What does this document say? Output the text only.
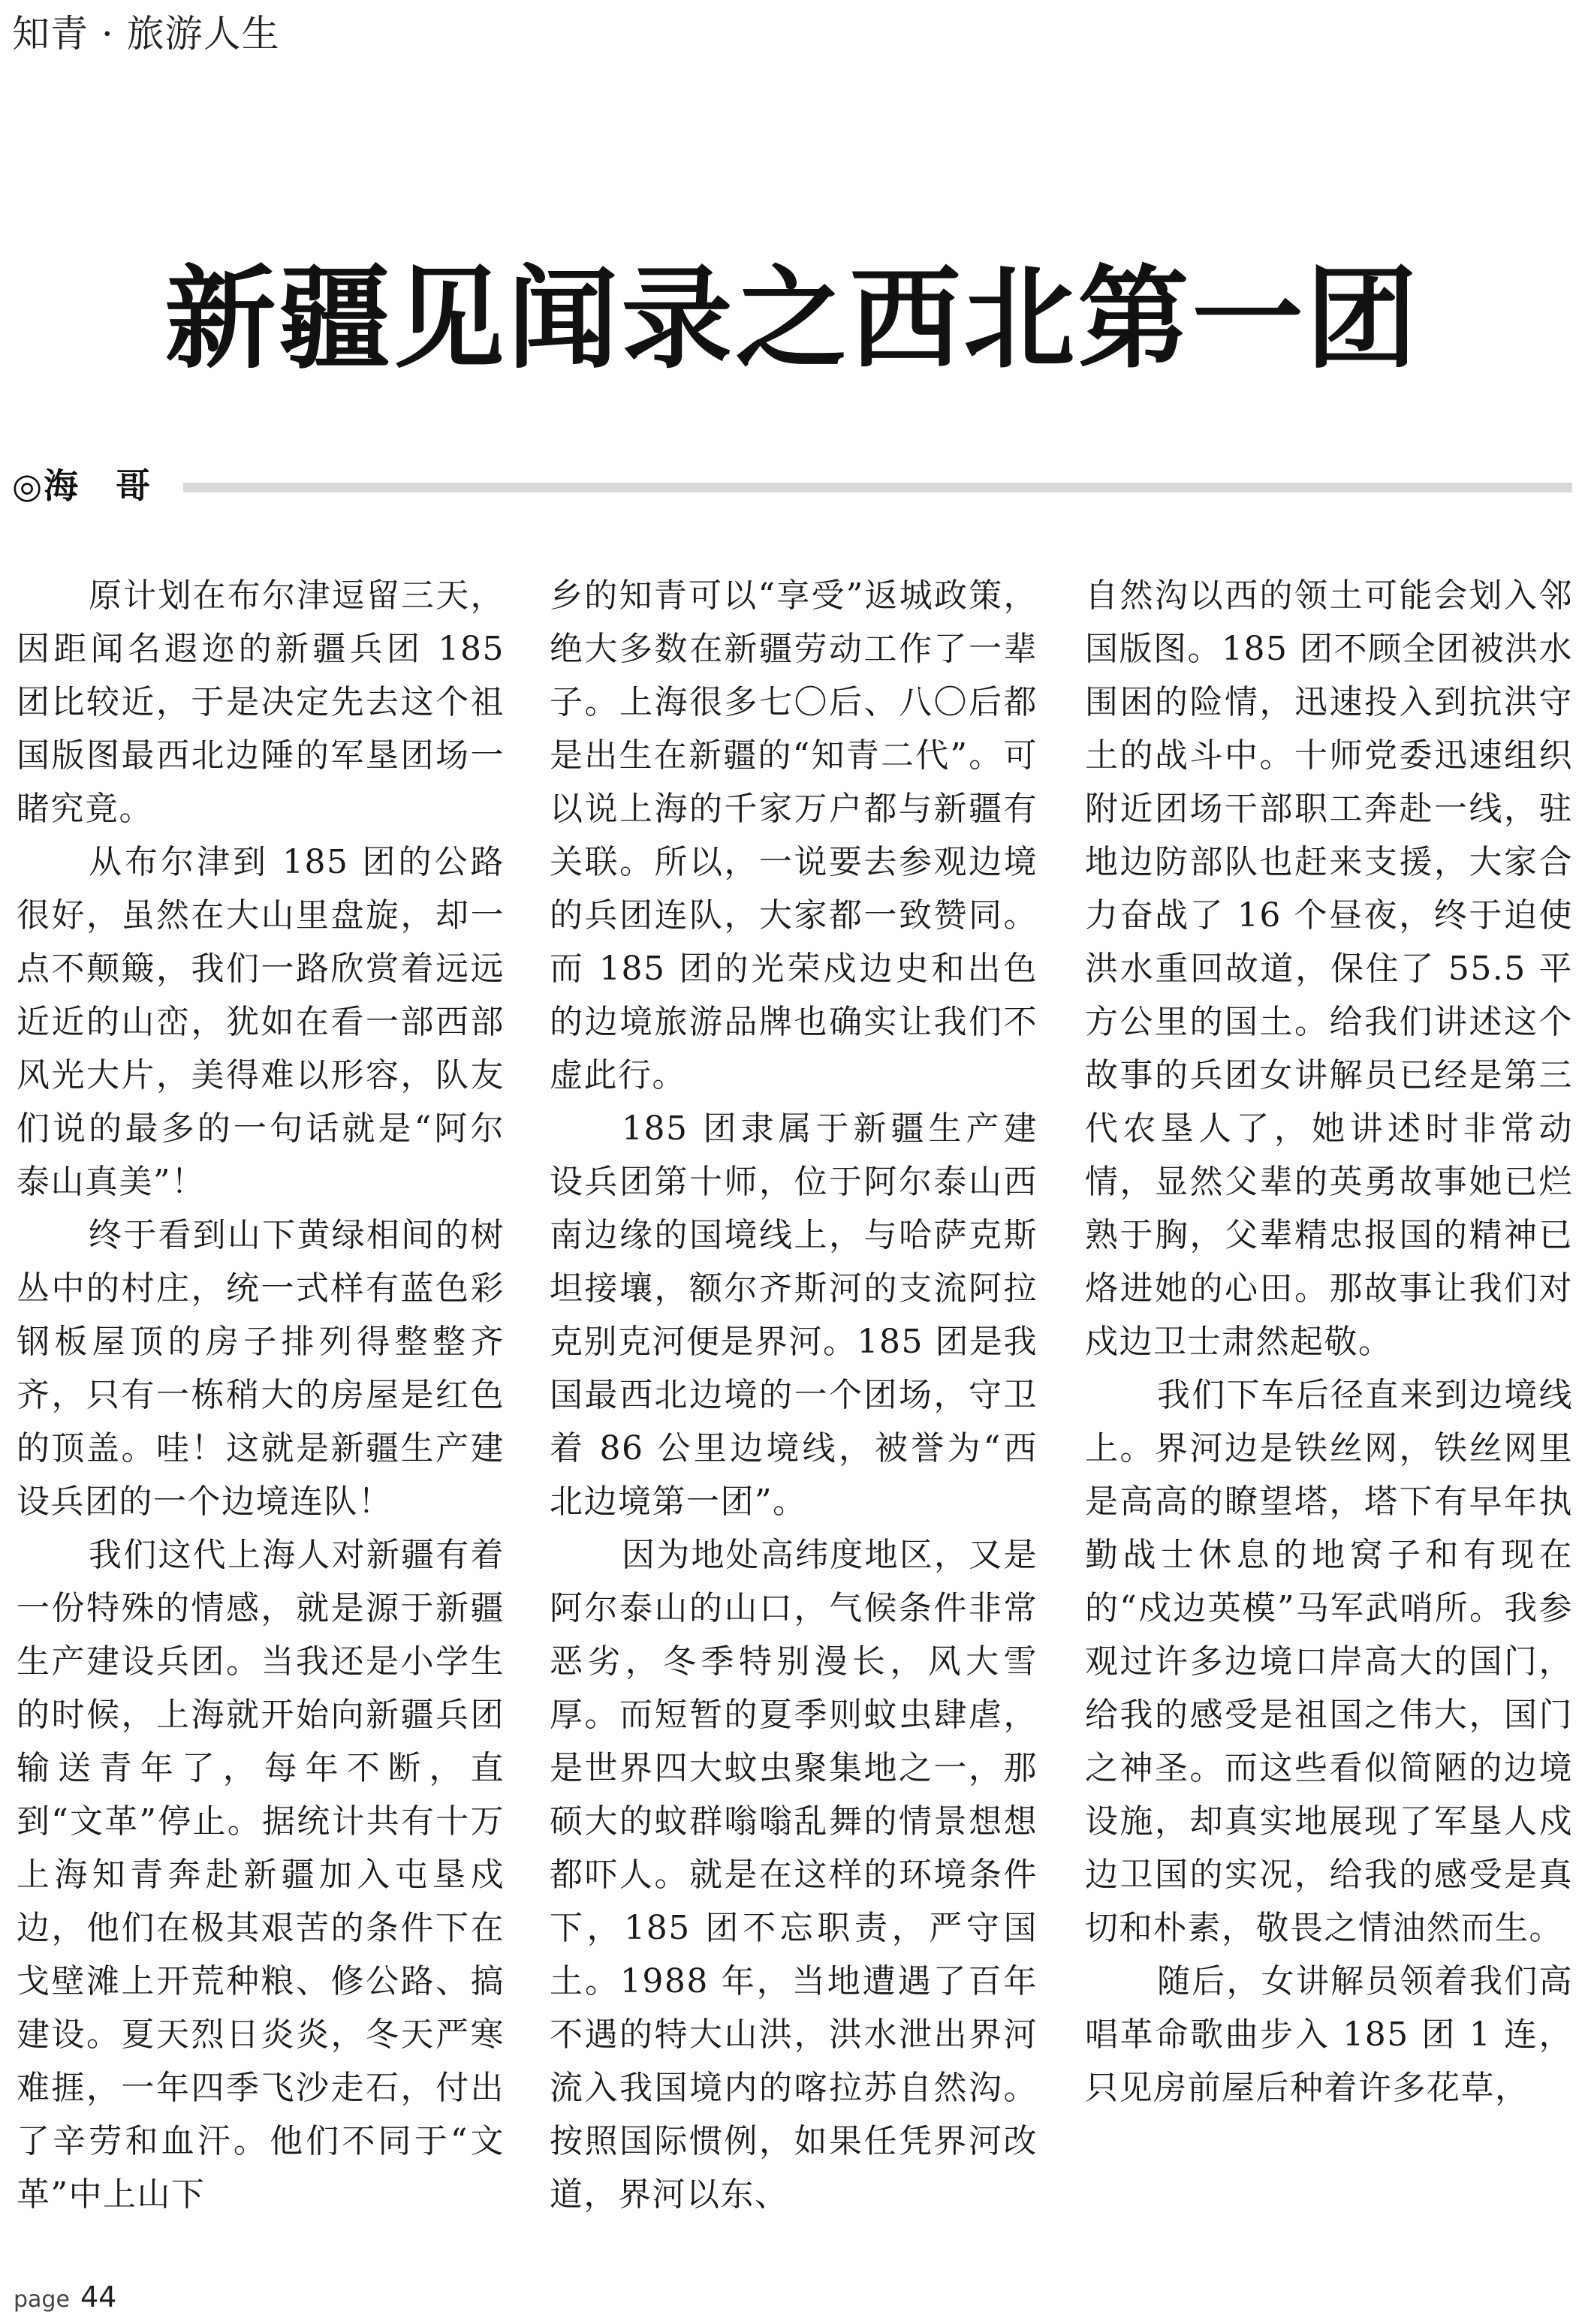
知青 · 旅游人生
新疆见闻录之西北第一团
◎海　哥

原计划在布尔津逗留三天，因距闻名遐迩的新疆兵团 185 团比较近，于是决定先去这个祖国版图最西北边陲的军垦团场一睹究竟。

从布尔津到 185 团的公路很好，虽然在大山里盘旋，却一点不颠簸，我们一路欣赏着远远近近的山峦，犹如在看一部西部风光大片，美得难以形容，队友们说的最多的一句话就是“阿尔泰山真美”！

终于看到山下黄绿相间的树丛中的村庄，统一式样有蓝色彩钢板屋顶的房子排列得整整齐齐，只有一栋稍大的房屋是红色的顶盖。哇！这就是新疆生产建设兵团的一个边境连队！

我们这代上海人对新疆有着一份特殊的情感，就是源于新疆生产建设兵团。当我还是小学生的时候，上海就开始向新疆兵团输送青年了，每年不断，直到“文革”停止。据统计共有十万上海知青奔赴新疆加入屯垦戍边，他们在极其艰苦的条件下在戈壁滩上开荒种粮、修公路、搞建设。夏天烈日炎炎，冬天严寒难捱，一年四季飞沙走石，付出了辛劳和血汗。他们不同于“文革”中上山下

乡的知青可以“享受”返城政策，绝大多数在新疆劳动工作了一辈子。上海很多七〇后、八〇后都是出生在新疆的“知青二代”。可以说上海的千家万户都与新疆有关联。所以，一说要去参观边境的兵团连队，大家都一致赞同。而 185 团的光荣戍边史和出色的边境旅游品牌也确实让我们不虚此行。

185 团隶属于新疆生产建设兵团第十师，位于阿尔泰山西南边缘的国境线上，与哈萨克斯坦接壤，额尔齐斯河的支流阿拉克别克河便是界河。185 团是我国最西北边境的一个团场，守卫着 86 公里边境线，被誉为“西北边境第一团”。

因为地处高纬度地区，又是阿尔泰山的山口，气候条件非常恶劣，冬季特别漫长，风大雪厚。而短暂的夏季则蚊虫肆虐，是世界四大蚊虫聚集地之一，那硕大的蚊群嗡嗡乱舞的情景想想都吓人。就是在这样的环境条件下，185 团不忘职责，严守国土。1988 年，当地遭遇了百年不遇的特大山洪，洪水泄出界河流入我国境内的喀拉苏自然沟。按照国际惯例，如果任凭界河改道，界河以东、

自然沟以西的领土可能会划入邻国版图。185 团不顾全团被洪水围困的险情，迅速投入到抗洪守土的战斗中。十师党委迅速组织附近团场干部职工奔赴一线，驻地边防部队也赶来支援，大家合力奋战了 16 个昼夜，终于迫使洪水重回故道，保住了 55.5 平方公里的国土。给我们讲述这个故事的兵团女讲解员已经是第三代农垦人了，她讲述时非常动情，显然父辈的英勇故事她已烂熟于胸，父辈精忠报国的精神已烙进她的心田。那故事让我们对戍边卫士肃然起敬。

我们下车后径直来到边境线上。界河边是铁丝网，铁丝网里是高高的瞭望塔，塔下有早年执勤战士休息的地窝子和有现在的“戍边英模”马军武哨所。我参观过许多边境口岸高大的国门，给我的感受是祖国之伟大，国门之神圣。而这些看似简陋的边境设施，却真实地展现了军垦人戍边卫国的实况，给我的感受是真切和朴素，敬畏之情油然而生。

随后，女讲解员领着我们高唱革命歌曲步入 185 团 1 连，只见房前屋后种着许多花草，

page 44
